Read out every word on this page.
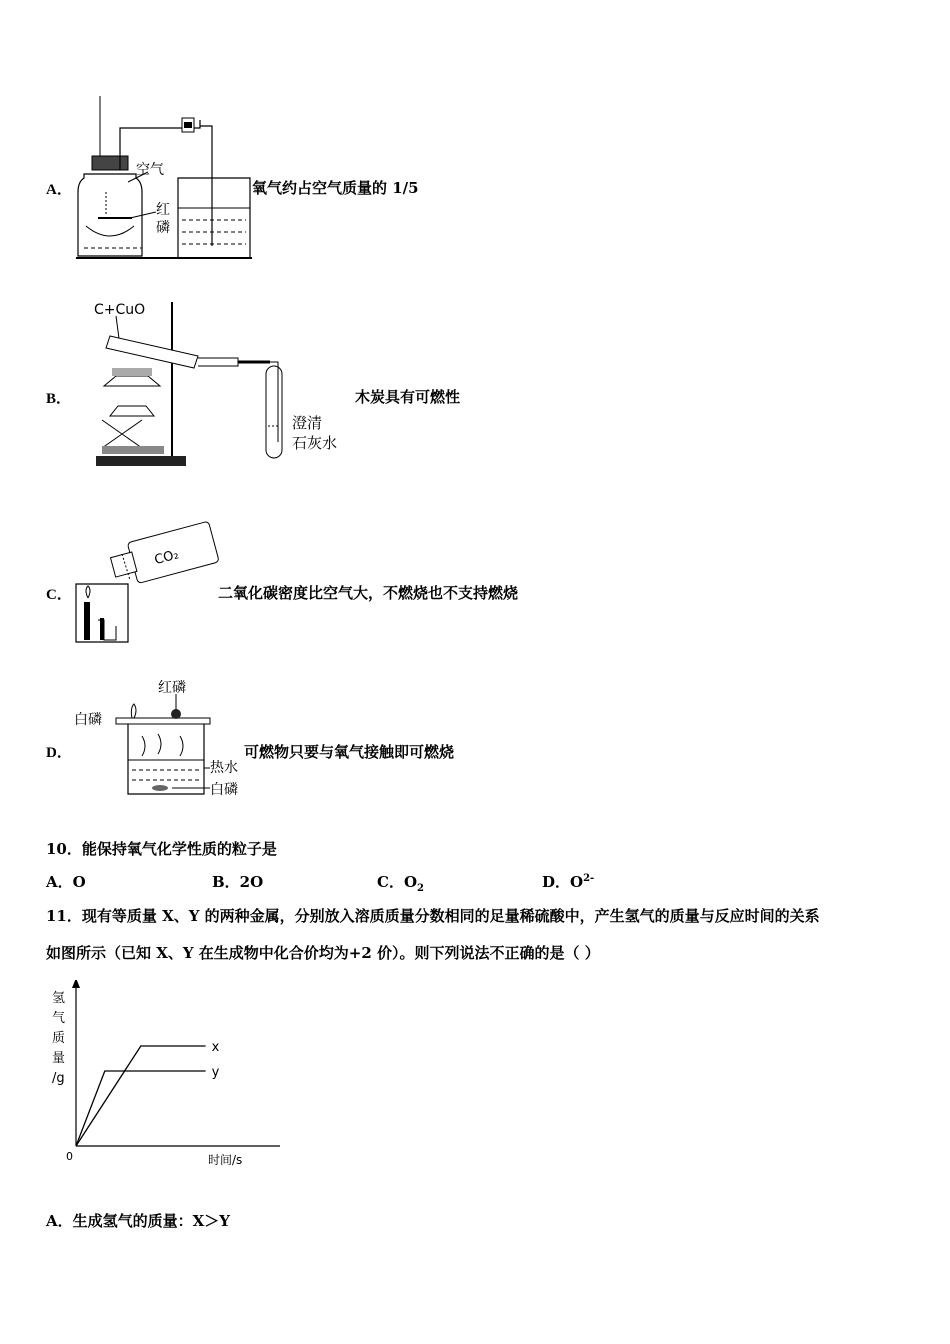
A．
空气
红
磷
氧气约占空气质量的 1/5
B．
C+CuO
澄清
石灰水
木炭具有可燃性
C．
CO₂
二氧化碳密度比空气大，不燃烧也不支持燃烧
D．
红磷
白磷
热水
白磷
可燃物只要与氧气接触即可燃烧
10．能保持氧气化学性质的粒子是
A．O	B．2O	C．$O_2$	D．$O^{2-}$
11．现有等质量 X、Y 的两种金属，分别放入溶质质量分数相同的足量稀硫酸中，产生氢气的质量与反应时间的关系
如图所示（已知 X、Y 在生成物中化合价均为+2 价）。则下列说法不正确的是（ ）
氢
气
质
量
/g
0	时间/s
x
y
A．生成氢气的质量：X＞Y
